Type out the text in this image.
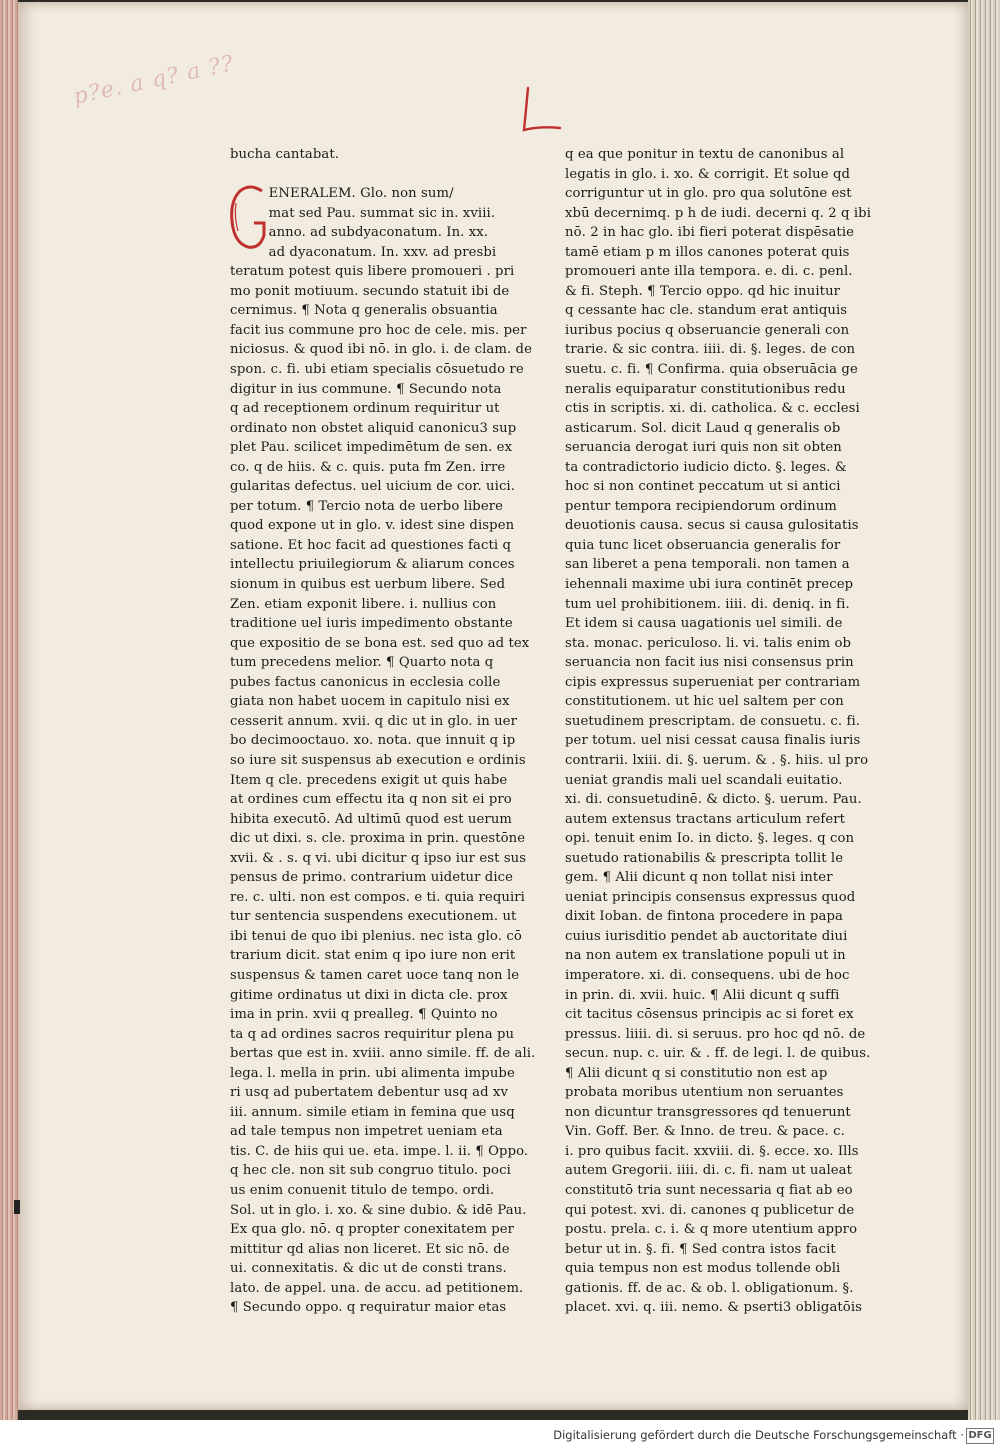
p?e. a q? a ??
bucha cantabat.
ENERALEM. Glo. non sum/
mat sed Pau. summat sic in. xviii.
anno. ad subdyaconatum. In. xx.
ad dyaconatum. In. xxv. ad presbi
teratum potest quis libere promoueri . pri
mo ponit motiuum. secundo statuit ibi de
cernimus. ¶ Nota q generalis obsuantia
facit ius commune pro hoc de cele. mis. per
niciosus. & quod ibi nō. in glo. i. de clam. de
spon. c. fi. ubi etiam specialis cōsuetudo re
digitur in ius commune. ¶ Secundo nota
q ad receptionem ordinum requiritur ut
ordinato non obstet aliquid canonicu3 sup
plet Pau. scilicet impedimētum de sen. ex
co. q de hiis. & c. quis. puta fm Zen. irre
gularitas defectus. uel uicium de cor. uici.
per totum. ¶ Tercio nota de uerbo libere
quod expone ut in glo. v. idest sine dispen
satione. Et hoc facit ad questiones facti q
intellectu priuilegiorum & aliarum conces
sionum in quibus est uerbum libere. Sed
Zen. etiam exponit libere. i. nullius con
traditione uel iuris impedimento obstante
que expositio de se bona est. sed quo ad tex
tum precedens melior. ¶ Quarto nota q
pubes factus canonicus in ecclesia colle
giata non habet uocem in capitulo nisi ex
cesserit annum. xvii. q dic ut in glo. in uer
bo decimooctauo. xo. nota. que innuit q ip
so iure sit suspensus ab execution e ordinis
Item q cle. precedens exigit ut quis habe
at ordines cum effectu ita q non sit ei pro
hibita executō. Ad ultimū quod est uerum
dic ut dixi. s. cle. proxima in prin. questōne
xvii. & . s. q vi. ubi dicitur q ipso iur est sus
pensus de primo. contrarium uidetur dice
re. c. ulti. non est compos. e ti. quia requiri
tur sentencia suspendens executionem. ut
ibi tenui de quo ibi plenius. nec ista glo. cō
trarium dicit. stat enim q ipo iure non erit
suspensus & tamen caret uoce tanq non le
gitime ordinatus ut dixi in dicta cle. prox
ima in prin. xvii q prealleg. ¶ Quinto no
ta q ad ordines sacros requiritur plena pu
bertas que est in. xviii. anno simile. ff. de ali.
lega. l. mella in prin. ubi alimenta impube
ri usq ad pubertatem debentur usq ad xv
iii. annum. simile etiam in femina que usq
ad tale tempus non impetret ueniam eta
tis. C. de hiis qui ue. eta. impe. l. ii. ¶ Oppo.
q hec cle. non sit sub congruo titulo. poci
us enim conuenit titulo de tempo. ordi.
Sol. ut in glo. i. xo. & sine dubio. & idē Pau.
Ex qua glo. nō. q propter conexitatem per
mittitur qd alias non liceret. Et sic nō. de
ui. connexitatis. & dic ut de consti trans.
lato. de appel. una. de accu. ad petitionem.
¶ Secundo oppo. q requiratur maior etas
q ea que ponitur in textu de canonibus al
legatis in glo. i. xo. & corrigit. Et solue qd
corriguntur ut in glo. pro qua solutōne est
xbū decernimq. p h de iudi. decerni q. 2 q ibi
nō. 2 in hac glo. ibi fieri poterat dispēsatie
tamē etiam p m illos canones poterat quis
promoueri ante illa tempora. e. di. c. penl.
& fi. Steph. ¶ Tercio oppo. qd hic inuitur
q cessante hac cle. standum erat antiquis
iuribus pocius q obseruancie generali con
trarie. & sic contra. iiii. di. §. leges. de con
suetu. c. fi. ¶ Confirma. quia obseruācia ge
neralis equiparatur constitutionibus redu
ctis in scriptis. xi. di. catholica. & c. ecclesi
asticarum. Sol. dicit Laud q generalis ob
seruancia derogat iuri quis non sit obten
ta contradictorio iudicio dicto. §. leges. &
hoc si non continet peccatum ut si antici
pentur tempora recipiendorum ordinum
deuotionis causa. secus si causa gulositatis
quia tunc licet obseruancia generalis for
san liberet a pena temporali. non tamen a
iehennali maxime ubi iura continēt precep
tum uel prohibitionem. iiii. di. deniq. in fi.
Et idem si causa uagationis uel simili. de
sta. monac. periculoso. li. vi. talis enim ob
seruancia non facit ius nisi consensus prin
cipis expressus superueniat per contrariam
constitutionem. ut hic uel saltem per con
suetudinem prescriptam. de consuetu. c. fi.
per totum. uel nisi cessat causa finalis iuris
contrarii. lxiii. di. §. uerum. & . §. hiis. ul pro
ueniat grandis mali uel scandali euitatio.
xi. di. consuetudinē. & dicto. §. uerum. Pau.
autem extensus tractans articulum refert
opi. tenuit enim Io. in dicto. §. leges. q con
suetudo rationabilis & prescripta tollit le
gem. ¶ Alii dicunt q non tollat nisi inter
ueniat principis consensus expressus quod
dixit Ioban. de fintona procedere in papa
cuius iurisditio pendet ab auctoritate diui
na non autem ex translatione populi ut in
imperatore. xi. di. consequens. ubi de hoc
in prin. di. xvii. huic. ¶ Alii dicunt q suffi
cit tacitus cōsensus principis ac si foret ex
pressus. liiii. di. si seruus. pro hoc qd nō. de
secun. nup. c. uir. & . ff. de legi. l. de quibus.
¶ Alii dicunt q si constitutio non est ap
probata moribus utentium non seruantes
non dicuntur transgressores qd tenuerunt
Vin. Goff. Ber. & Inno. de treu. & pace. c.
i. pro quibus facit. xxviii. di. §. ecce. xo. Ills
autem Gregorii. iiii. di. c. fi. nam ut ualeat
constitutō tria sunt necessaria q fiat ab eo
qui potest. xvi. di. canones q publicetur de
postu. prela. c. i. & q more utentium appro
betur ut in. §. fi. ¶ Sed contra istos facit
quia tempus non est modus tollende obli
gationis. ff. de ac. & ob. l. obligationum. §.
placet. xvi. q. iii. nemo. & pserti3 obligatōis
Digitalisierung gefördert durch die Deutsche Forschungsgemeinschaft · DFG
